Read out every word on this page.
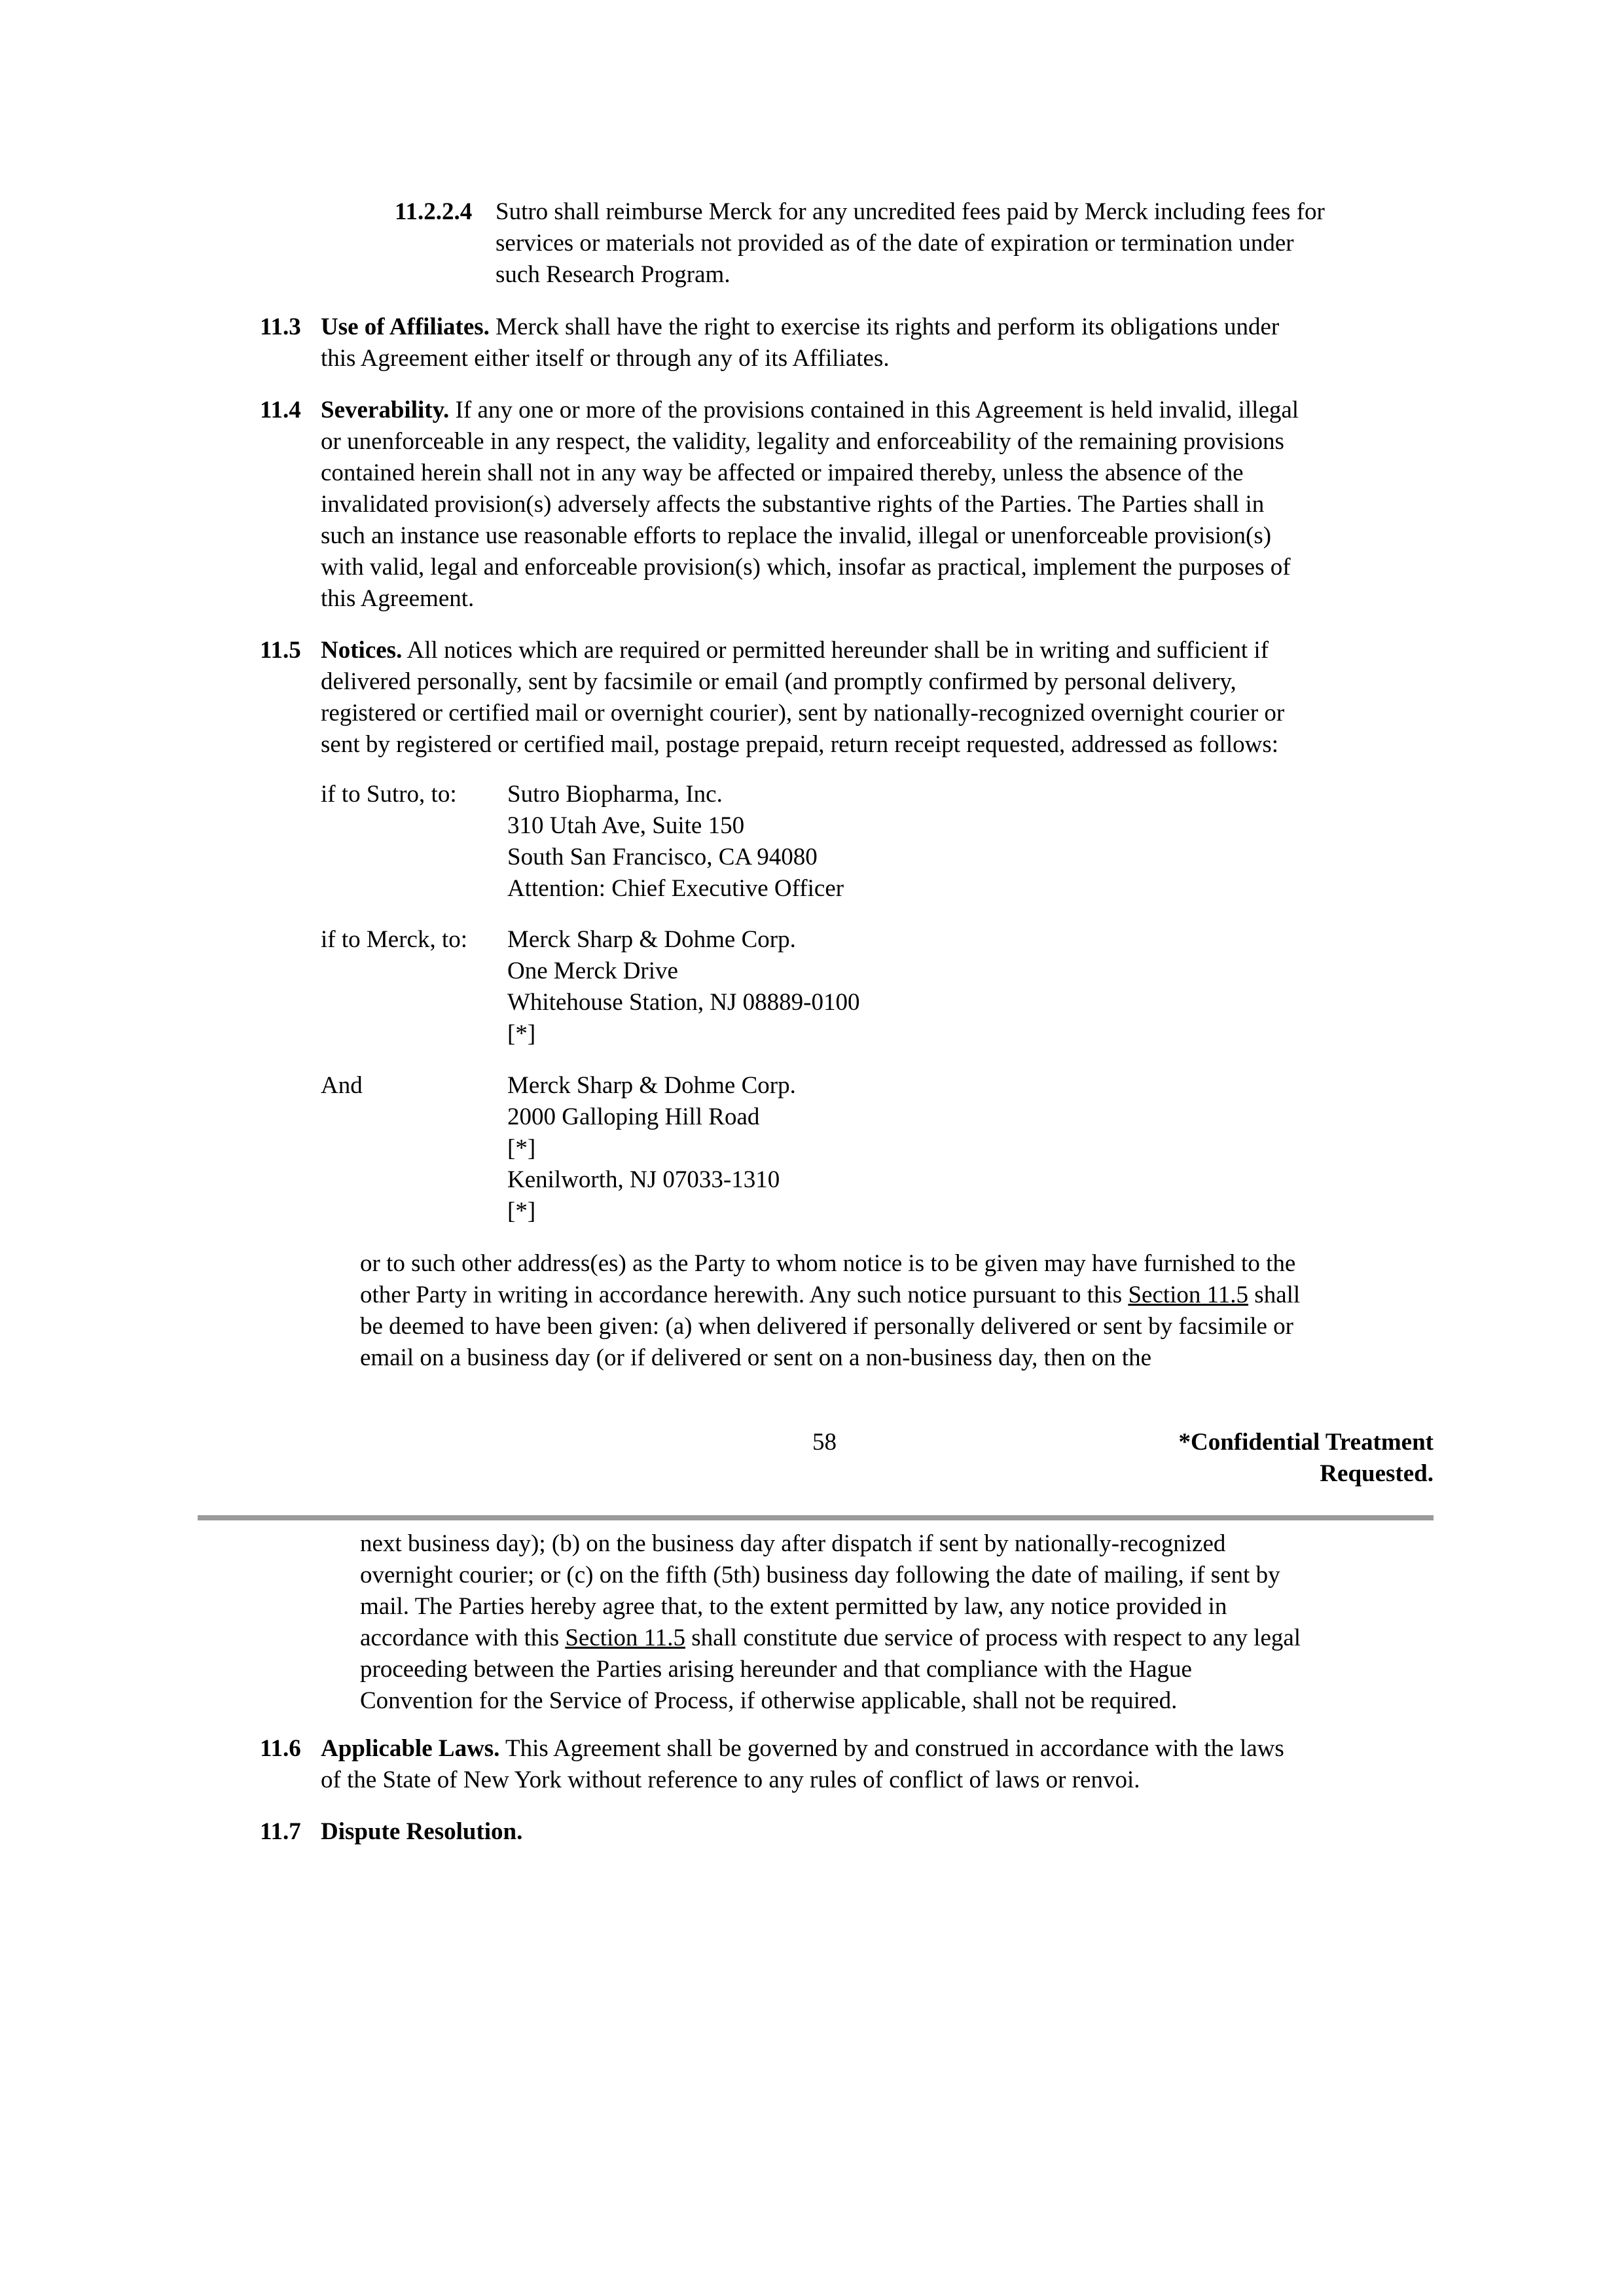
11.2.2.4 Sutro shall reimburse Merck for any uncredited fees paid by Merck including fees for
services or materials not provided as of the date of expiration or termination under
such Research Program.
11.3 Use of Affiliates. Merck shall have the right to exercise its rights and perform its obligations under
this Agreement either itself or through any of its Affiliates.
11.4 Severability. If any one or more of the provisions contained in this Agreement is held invalid, illegal
or unenforceable in any respect, the validity, legality and enforceability of the remaining provisions
contained herein shall not in any way be affected or impaired thereby, unless the absence of the
invalidated provision(s) adversely affects the substantive rights of the Parties. The Parties shall in
such an instance use reasonable efforts to replace the invalid, illegal or unenforceable provision(s)
with valid, legal and enforceable provision(s) which, insofar as practical, implement the purposes of
this Agreement.
11.5 Notices. All notices which are required or permitted hereunder shall be in writing and sufficient if
delivered personally, sent by facsimile or email (and promptly confirmed by personal delivery,
registered or certified mail or overnight courier), sent by nationally-recognized overnight courier or
sent by registered or certified mail, postage prepaid, return receipt requested, addressed as follows:
if to Sutro, to: Sutro Biopharma, Inc.
310 Utah Ave, Suite 150
South San Francisco, CA 94080
Attention: Chief Executive Officer
if to Merck, to: Merck Sharp & Dohme Corp.
One Merck Drive
Whitehouse Station, NJ 08889-0100
[*]
And	Merck Sharp & Dohme Corp.
2000 Galloping Hill Road
[*]
Kenilworth, NJ 07033-1310
[*]
or to such other address(es) as the Party to whom notice is to be given may have furnished to the
other Party in writing in accordance herewith. Any such notice pursuant to this Section 11.5 shall
be deemed to have been given: (a) when delivered if personally delivered or sent by facsimile or
email on a business day (or if delivered or sent on a non-business day, then on the
58	*Confidential Treatment
Requested.
next business day); (b) on the business day after dispatch if sent by nationally-recognized
overnight courier; or (c) on the fifth (5th) business day following the date of mailing, if sent by
mail. The Parties hereby agree that, to the extent permitted by law, any notice provided in
accordance with this Section 11.5 shall constitute due service of process with respect to any legal
proceeding between the Parties arising hereunder and that compliance with the Hague
Convention for the Service of Process, if otherwise applicable, shall not be required.
11.6 Applicable Laws. This Agreement shall be governed by and construed in accordance with the laws
of the State of New York without reference to any rules of conflict of laws or renvoi.
11.7 Dispute Resolution.
